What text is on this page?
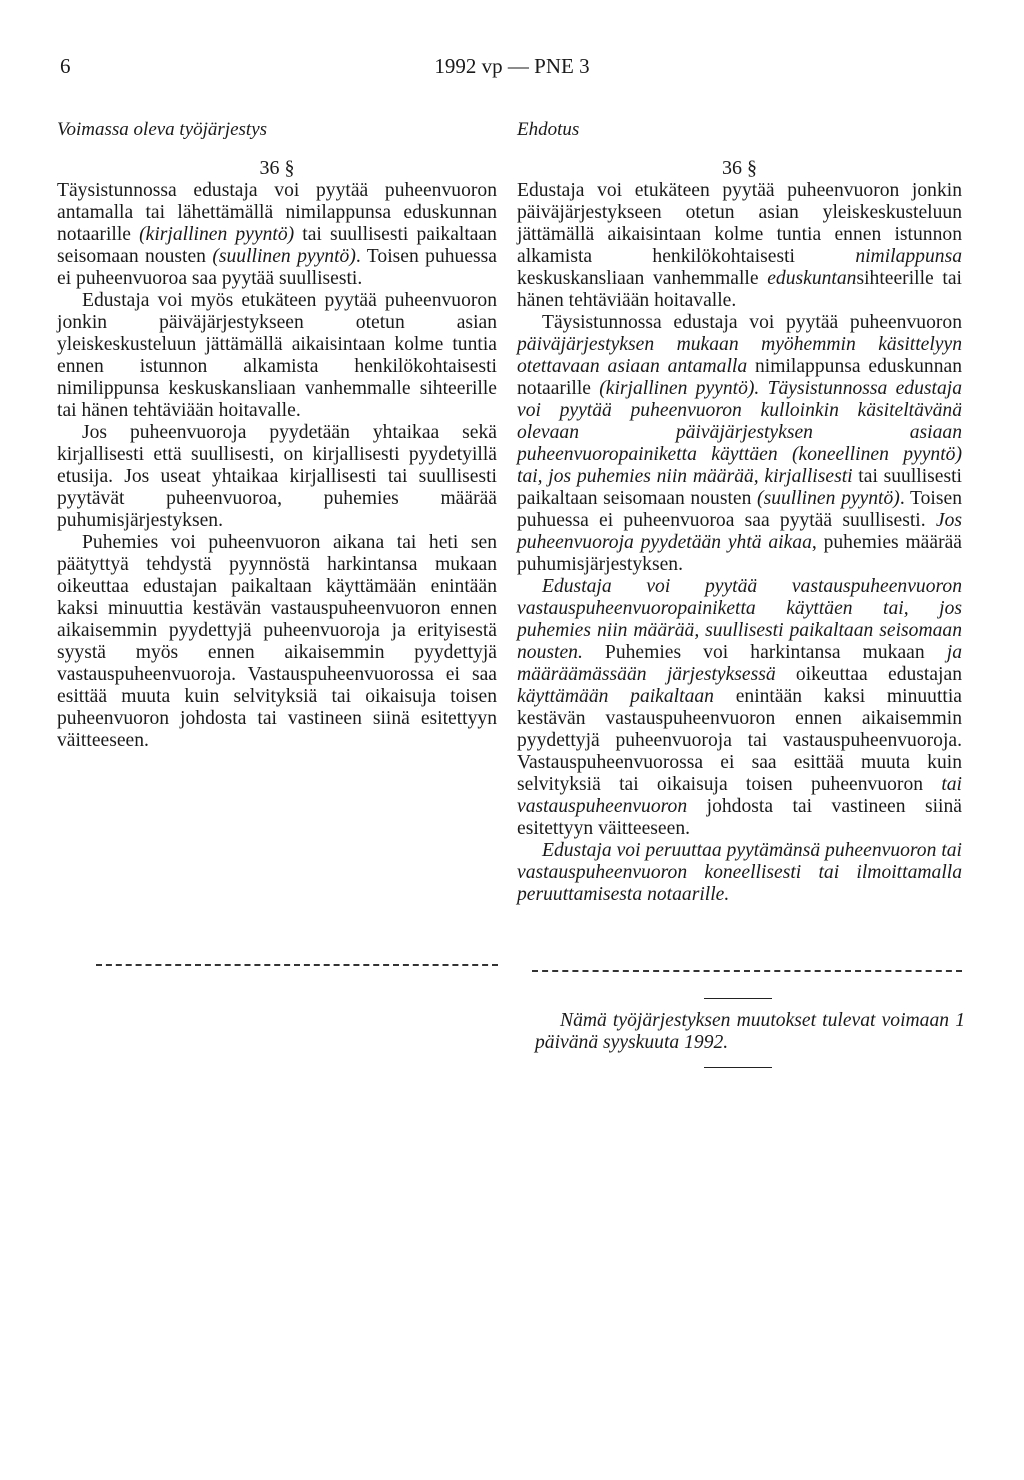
6	1992 vp — PNE 3
Voimassa oleva työjärjestys
36 §

Täysistunnossa edustaja voi pyytää puheenvuoron antamalla tai lähettämällä nimilappunsa eduskunnan notaarille (kirjallinen pyyntö) tai suullisesti paikaltaan seisomaan nousten (suullinen pyyntö). Toisen puhuessa ei puheenvuoroa saa pyytää suullisesti.

Edustaja voi myös etukäteen pyytää puheenvuoron jonkin päiväjärjestykseen otetun asian yleiskeskusteluun jättämällä aikaisintaan kolme tuntia ennen istunnon alkamista henkilökohtaisesti nimilippunsa keskuskansliaan vanhemmalle sihteerille tai hänen tehtäviään hoitavalle.

Jos puheenvuoroja pyydetään yhtaikaa sekä kirjallisesti että suullisesti, on kirjallisesti pyydetyillä etusija. Jos useat yhtaikaa kirjallisesti tai suullisesti pyytävät puheenvuoroa, puhemies määrää puhumisjärjestyksen.

Puhemies voi puheenvuoron aikana tai heti sen päätyttyä tehdystä pyynnöstä harkintansa mukaan oikeuttaa edustajan paikaltaan käyttämään enintään kaksi minuuttia kestävän vastauspuheenvuoron ennen aikaisemmin pyydettyjä puheenvuoroja ja erityisestä syystä myös ennen aikaisemmin pyydettyjä vastauspuheenvuoroja. Vastauspuheenvuorossa ei saa esittää muuta kuin selvityksiä tai oikaisuja toisen puheenvuoron johdosta tai vastineen siinä esitettyyn väitteeseen.

Ehdotus
36 §

Edustaja voi etukäteen pyytää puheenvuoron jonkin päiväjärjestykseen otetun asian yleiskeskusteluun jättämällä aikaisintaan kolme tuntia ennen istunnon alkamista henkilökohtaisesti nimilappunsa keskuskansliaan vanhemmalle eduskuntansihteerille tai hänen tehtäviään hoitavalle.

Täysistunnossa edustaja voi pyytää puheenvuoron päiväjärjestyksen mukaan myöhemmin käsittelyyn otettavaan asiaan antamalla nimilappunsa eduskunnan notaarille (kirjallinen pyyntö). Täysistunnossa edustaja voi pyytää puheenvuoron kulloinkin käsiteltävänä olevaan päiväjärjestyksen asiaan puheenvuoropainiketta käyttäen (koneellinen pyyntö) tai, jos puhemies niin määrää, kirjallisesti tai suullisesti paikaltaan seisomaan nousten (suullinen pyyntö). Toisen puhuessa ei puheenvuoroa saa pyytää suullisesti. Jos puheenvuoroja pyydetään yhtä aikaa, puhemies määrää puhumisjärjestyksen.

Edustaja voi pyytää vastauspuheenvuoron vastauspuheenvuoropainiketta käyttäen tai, jos puhemies niin määrää, suullisesti paikaltaan seisomaan nousten. Puhemies voi harkintansa mukaan ja määräämässään järjestyksessä oikeuttaa edustajan käyttämään paikaltaan enintään kaksi minuuttia kestävän vastauspuheenvuoron ennen aikaisemmin pyydettyjä puheenvuoroja tai vastauspuheenvuoroja. Vastauspuheenvuorossa ei saa esittää muuta kuin selvityksiä tai oikaisuja toisen puheenvuoron tai vastauspuheenvuoron johdosta tai vastineen siinä esitettyyn väitteeseen.

Edustaja voi peruuttaa pyytämänsä puheenvuoron tai vastauspuheenvuoron koneellisesti tai ilmoittamalla peruuttamisesta notaarille.

Nämä työjärjestyksen muutokset tulevat voimaan 1 päivänä syyskuuta 1992.
